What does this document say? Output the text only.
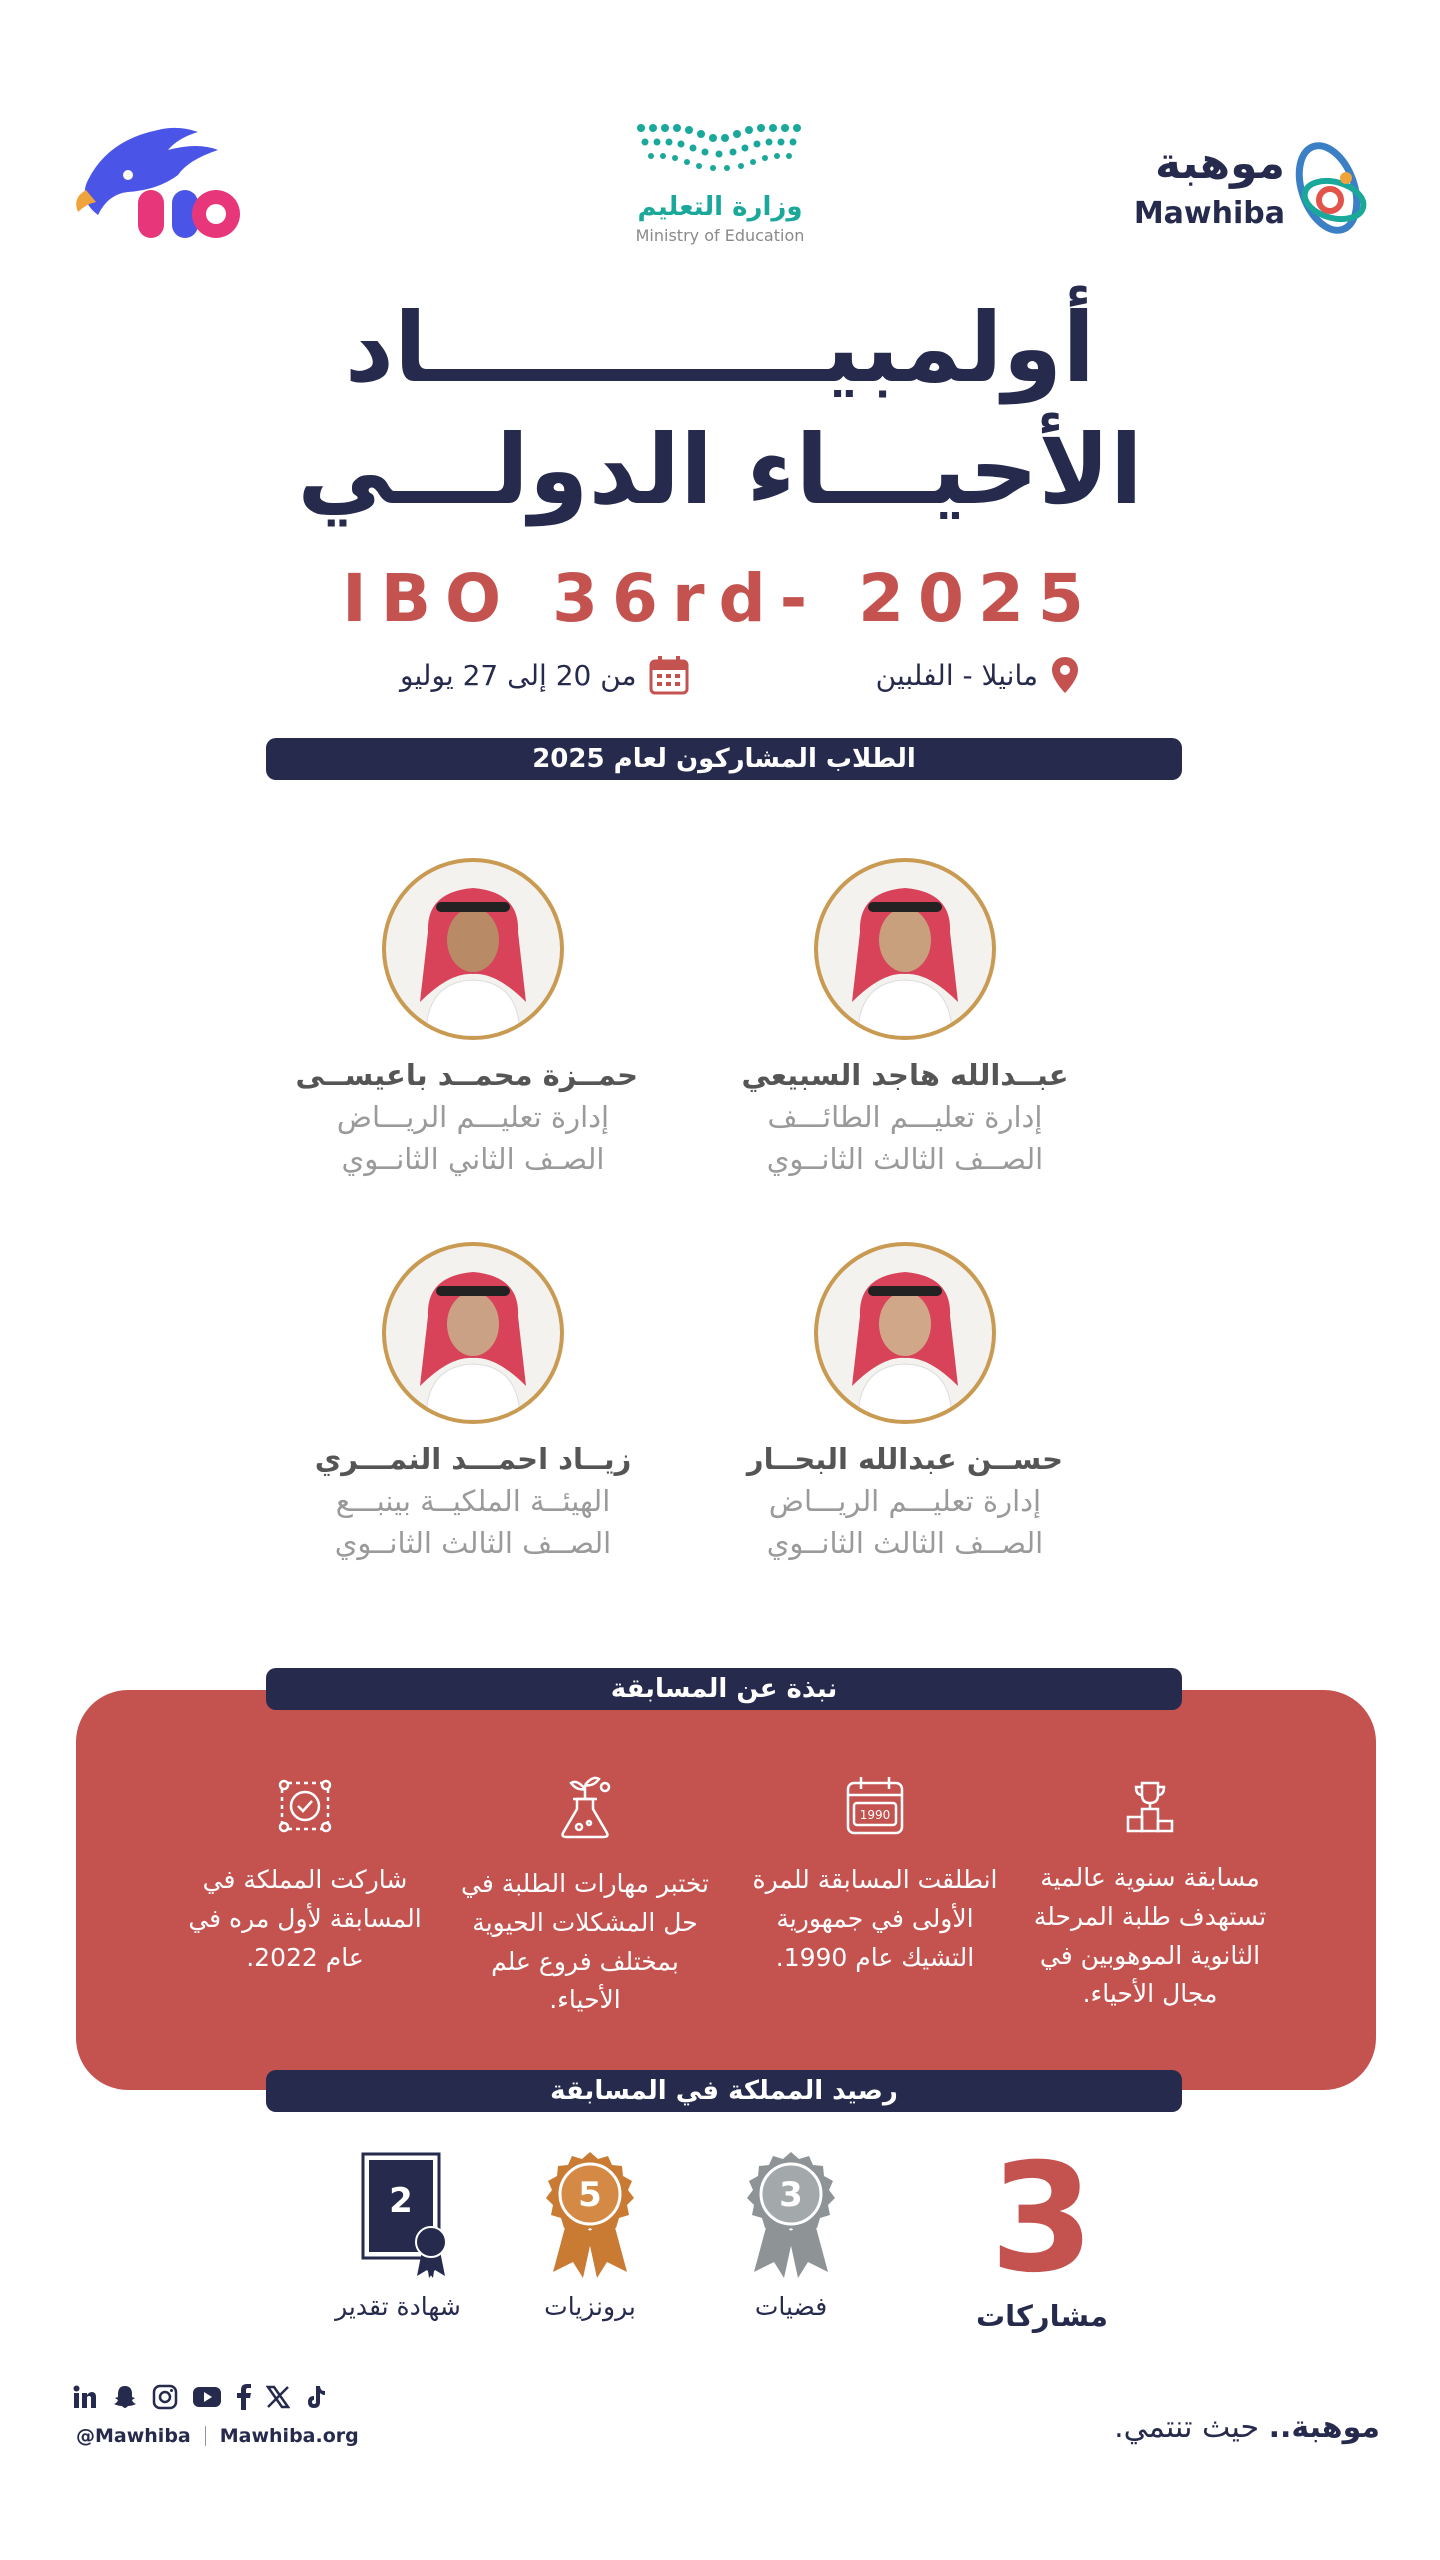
موهبة
Mawhiba
وزارة التعليم
Ministry of Education
أولمبيــــــــــــاد
الأحيـــاء الدولـــي
IBO 36rd- 2025
مانيلا - الفلبين
من 20 إلى 27 يوليو
الطلاب المشاركون لعام 2025
عبــدالله هاجد السبيعي
إدارة تعليـــم الطائـــف
الصــف الثالث الثانــوي
حمــزة محمــد باعيســى
إدارة تعليـــم الريـــاض
الصـف الثاني الثانــوي
حســن عبدالله البحــار
إدارة تعليـــم الريـــاض
الصــف الثالث الثانــوي
زيــاد احمـــد النمـــري
الهيئــة الملكيــة بينبـــع
الصــف الثالث الثانــوي
نبذة عن المسابقة
مسابقة سنوية عالمية تستهدف طلبة المرحلة الثانوية الموهوبين في مجال الأحياء.
1990
انطلقت المسابقة للمرة الأولى في جمهورية التشيك عام 1990.
تختبر مهارات الطلبة في حل المشكلات الحيوية بمختلف فروع علم الأحياء.
شاركت المملكة في المسابقة لأول مره في عام 2022.
رصيد المملكة في المسابقة
3
مشاركات
3
فضيات
5
برونزيات
2
شهادة تقدير
موهبة.. حيث تنتمي.
@Mawhiba Mawhiba.org
